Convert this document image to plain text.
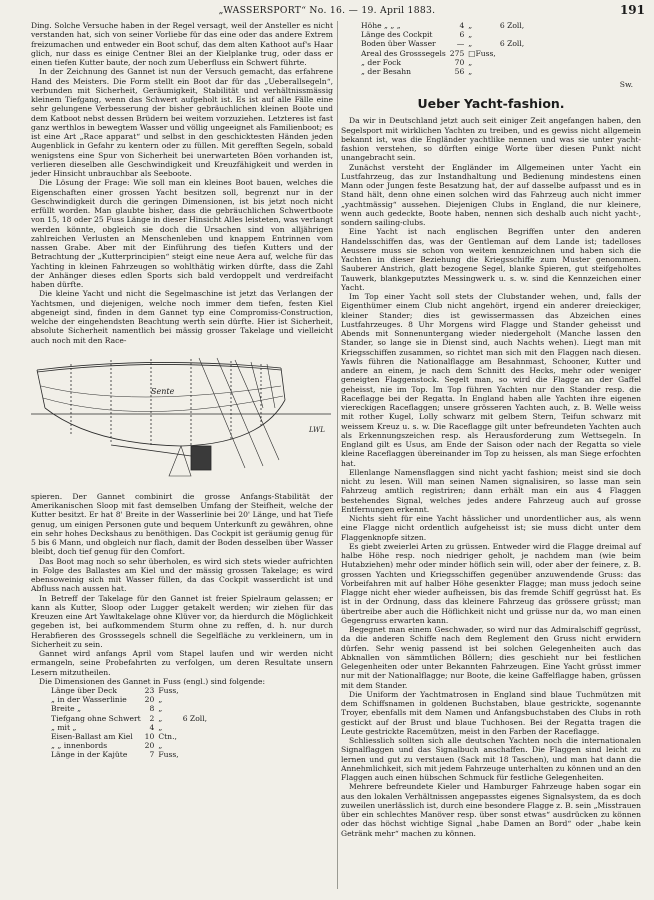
„WASSERSPORT“ No. 16. — 19. April 1883.	191

Ding. Solche Versuche haben in der Regel versagt, weil der Ansteller es nicht verstanden hat, sich von seiner Vorliebe für das eine oder das andere Extrem freizumachen und entweder ein Boot schuf, das dem alten Kathoot auf's Haar glich, nur dass es einige Centner Blei an der Kielplanke trug, oder dass er einen tiefen Kutter baute, der noch zum Ueberfluss ein Schwert führte.

In der Zeichnung des Gannet ist nun der Versuch gemacht, das erfahrene Hand des Meisters. Die Form stellt ein Boot dar für das „Ueberallsegeln“, verbunden mit Sicherheit, Geräumigkeit, Stabilität und verhältnissmässig kleinem Tiefgang, wenn das Schwert aufgeholt ist. Es ist auf alle Fälle eine sehr gelungene Verbesserung der bisher gebräuchlichen kleinen Boote und dem Katboot nebst dessen Brüdern bei weitem vorzuziehen. Letzteres ist fast ganz werthlos in bewegtem Wasser und völlig ungeeignet als Familienboot; es ist eine Art „Race apparat“ und selbst in den geschicktesten Händen jeden Augenblick in Gefahr zu kentern oder zu füllen. Mit gerefften Segeln, sobald wenigstens eine Spur von Sicherheit bei unerwarteten Böen vorhanden ist, verlieren dieselben alle Geschwindigkeit und Kreuzfähigkeit und werden in jeder Hinsicht unbrauchbar als Seeboote.

Die Lösung der Frage: Wie soll man ein kleines Boot bauen, welches die Eigenschaften einer grossen Yacht besitzen soll, begrenzt nur in der Geschwindigkeit durch die geringen Dimensionen, ist bis jetzt noch nicht erfüllt worden. Man glaubte bisher, dass die gebräuchlichen Schwertboote von 15, 18 oder 25 Fuss Länge in dieser Hinsicht Alles leisteten, was verlangt werden könnte, obgleich sie doch die Ursachen sind von alljährigen zahlreichen Verlusten an Menschenleben und knappem Entrinnen vom nassen Grabe. Aber mit der Einführung des tiefen Kutters und der Betrachtung der „Kutterprincipien“ steigt eine neue Aera auf, welche für das Yachting in kleinen Fahrzeugen so wohlthätig wirken dürfte, dass die Zahl der Anhänger dieses edlen Sports sich bald verdoppelt und verdreifacht haben dürfte.

Die kleine Yacht und nicht die Segelmaschine ist jetzt das Verlangen der Yachtsmen, und diejenigen, welche noch immer dem tiefen, festen Kiel abgeneigt sind, finden in dem Gannet typ eine Compromiss-Construction, welche der eingehendsten Beachtung werth sein dürfte. Hier ist Sicherheit, absolute Sicherheit namentlich bei mässig grosser Takelage und vielleicht auch noch mit den Race-

Sente
LWL

spieren. Der Gannet combinirt die grosse Anfangs-Stabilität der Amerikanischen Sloop mit fast demselben Umfang der Steifheit, welche der Kutter besitzt. Er hat 8' Breite in der Wasserlinie bei 20' Länge, und hat Tiefe genug, um einigen Personen gute und bequem Unterkunft zu gewähren, ohne ein sehr hohes Deckshaus zu benöthigen. Das Cockpit ist geräumig genug für 5 bis 6 Mann, und obgleich nur flach, damit der Boden desselben über Wasser bleibt, doch tief genug für den Comfort.

Das Boot mag noch so sehr überholen, es wird sich stets wieder aufrichten in Folge des Ballastes am Kiel und der mässig grossen Takelage; es wird ebensoweinig sich mit Wasser füllen, da das Cockpit wasserdicht ist und Abfluss nach aussen hat.

In Betreff der Takelage für den Gannet ist freier Spielraum gelassen; er kann als Kutter, Sloop oder Lugger getakelt werden; wir ziehen für das Kreuzen eine Art Yawltakelage ohne Klüver vor, da hierdurch die Möglichkeit gegeben ist, bei aufkommendem Sturm ohne zu reffen, d. h. nur durch Herabfieren des Grosssegels schnell die Segelfläche zu verkleinern, um in Sicherheit zu sein.

Gannet wird anfangs April vom Stapel laufen und wir werden nicht ermangeln, seine Probefahrten zu verfolgen, um deren Resultate unsern Lesern mitzutheilen.

Die Dimensionen des Gannet in Fuss (engl.) sind folgende:

Länge über Deck	23	Fuss,	
„ in der Wasserlinie	20	„	
Breite „	8	„	
Tiefgang ohne Schwert	2	„	6 Zoll,
„ mit „	4	„	
Eisen-Ballast am Kiel	10	Ctn.,	
„ „ innenbords	20	„	
Länge in der Kajüte	7	Fuss,	
Höhe „ „ „	4	„	6 Zoll,
Länge des Cockpit	6	„	
Boden über Wasser	—	„	6 Zoll,
Areal des Grosssegels	275	□Fuss,	
„ der Fock	70	„	
„ der Besahn	56	„	
Sw.
Ueber Yacht-fashion.

Da wir in Deutschland jetzt auch seit einiger Zeit angefangen haben, den Segelsport mit wirklichen Yachten zu treiben, und es gewiss nicht allgemein bekannt ist, was die Engländer yachtlike nennen und was sie unter yacht-fashion verstehen, so dürften einige Worte über diesen Punkt nicht unangebracht sein.

Zunächst versteht der Engländer im Allgemeinen unter Yacht ein Lustfahrzeug, das zur Instandhaltung und Bedienung mindestens einen Mann oder Jungen feste Besatzung hat, der auf dasselbe aufpasst und es in Stand hält, denn ohne einen solchen wird das Fahrzeug auch nicht immer „yachtmässig“ aussehen. Diejenigen Clubs in England, die nur kleinere, wenn auch gedeckte, Boote haben, nennen sich deshalb auch nicht yacht-, sondern sailing-clubs.

Eine Yacht ist nach englischen Begriffen unter den anderen Handelsschiffen das, was der Gentleman auf dem Lande ist; tadelloses Aeussere muss sie schon von weitem kennzeichnen und haben sich die Yachten in dieser Beziehung die Kriegsschiffe zum Muster genommen. Sauberer Anstrich, glatt bezogene Segel, blanke Spieren, gut steifgeholtes Tauwerk, blankgeputztes Messingwerk u. s. w. sind die Kennzeichen einer Yacht.

Im Top einer Yacht soll stets der Clubstander wehen, und, falls der Eigenthümer einem Club nicht angehört, irgend ein anderer dreieckiger, kleiner Stander; dies ist gewissermassen das Abzeichen eines Lustfahrzeuges. 8 Uhr Morgens wird Flagge und Stander geheisst und Abends mit Sonnenuntergang wieder niedergeholt (Manche lassen den Stander, so lange sie in Dienst sind, auch Nachts wehen). Liegt man mit Kriegsschiffen zusammen, so richtet man sich mit den Flaggen nach diesen. Yawls führen die Nationalflagge am Besahnmast, Schooner, Kutter und andere an einem, je nach dem Schnitt des Hecks, mehr oder weniger geneigten Flaggenstock. Segelt man, so wird die Flagge an der Gaffel geheisst, nie im Top. Im Top führen Yachten nur den Stander resp. die Raceflagge bei der Regatta. In England haben alle Yachten ihre eigenen viereckigen Raceflaggen; unsere grösseren Yachten auch, z. B. Welle weiss mit rother Kugel, Lolly schwarz mit gelbem Stern, Teifun schwarz mit weissem Kreuz u. s. w. Die Raceflagge gilt unter befreundeten Yachten auch als Erkennungszeichen resp. als Herausforderung zum Wettsegeln. In England gilt es Usus, am Ende der Saison oder nach der Regatta so viele kleine Raceflaggen übereinander im Top zu heissen, als man Siege erfochten hat.

Ellenlange Namensflaggen sind nicht yacht fashion; meist sind sie doch nicht zu lesen. Will man seinen Namen signalisiren, so lasse man sein Fahrzeug amtlich registriren; dann erhält man ein aus 4 Flaggen bestehendes Signal, welches jedes andere Fahrzeug auch auf grosse Entfernungen erkennt.

Nichts sieht für eine Yacht hässlicher und unordentlicher aus, als wenn eine Flagge nicht ordentlich aufgeheisst ist; sie muss dicht unter dem Flaggenknopfe sitzen.

Es giebt zweierlei Arten zu grüssen. Entweder wird die Flagge dreimal auf halbe Höhe resp. noch niedriger geholt, je nachdem man (wie beim Hutabziehen) mehr oder minder höflich sein will, oder aber der feinere, z. B. grossen Yachten und Kriegsschiffen gegenüber anzuwendende Gruss: das Vorbeifahren mit auf halber Höhe gesenkter Flagge; man muss jedoch seine Flagge nicht eher wieder aufheissen, bis das fremde Schiff gegrüsst hat. Es ist in der Ordnung, dass das kleinere Fahrzeug das grössere grüsst; man übertreibe aber auch die Höflichkeit nicht und grüsse nur da, wo man einen Gegengruss erwarten kann.

Begegnet man einem Geschwader, so wird nur das Admiralschiff gegrüsst, da die anderen Schiffe nach dem Reglement den Gruss nicht erwidern dürfen. Sehr wenig passend ist bei solchen Gelegenheiten auch das Abknallen von sämmtlichen Böllern; dies geschieht nur bei festlichen Gelegenheiten oder unter Bekannten Fahrzeugen. Eine Yacht grüsst immer nur mit der Nationalflagge; nur Boote, die keine Gaffelflagge haben, grüssen mit dem Stander.

Die Uniform der Yachtmatrosen in England sind blaue Tuchmützen mit dem Schiffsnamen in goldenen Buchstaben, blaue gestrickte, sogenannte Troyer, ebenfalls mit dem Namen und Anfangsbuchstaben des Clubs in roth gestickt auf der Brust und blaue Tuchhosen. Bei der Regatta tragen die Leute gestrickte Racemützen, meist in den Farben der Raceflagge.

Schliesslich sollten sich alle deutschen Yachten noch die internationalen Signalflaggen und das Signalbuch anschaffen. Die Flaggen sind leicht zu lernen und gut zu verstauen (Sack mit 18 Taschen), und man hat dann die Annehmlichkeit, sich mit jedem Fahrzeuge unterhalten zu können und an den Flaggen auch einen hübschen Schmuck für festliche Gelegenheiten.

Mehrere befreundete Kieler und Hamburger Fahrzeuge haben sogar ein aus den lokalen Verhältnissen angepasstes eigenes Signalsystem, da es doch zuweilen unerlässlich ist, durch eine besondere Flagge z. B. sein „Misstrauen über ein schlechtes Manöver resp. über sonst etwas“ ausdrücken zu können oder das höchst wichtige Signal „habe Damen an Bord“ oder „habe kein Getränk mehr“ machen zu können.
